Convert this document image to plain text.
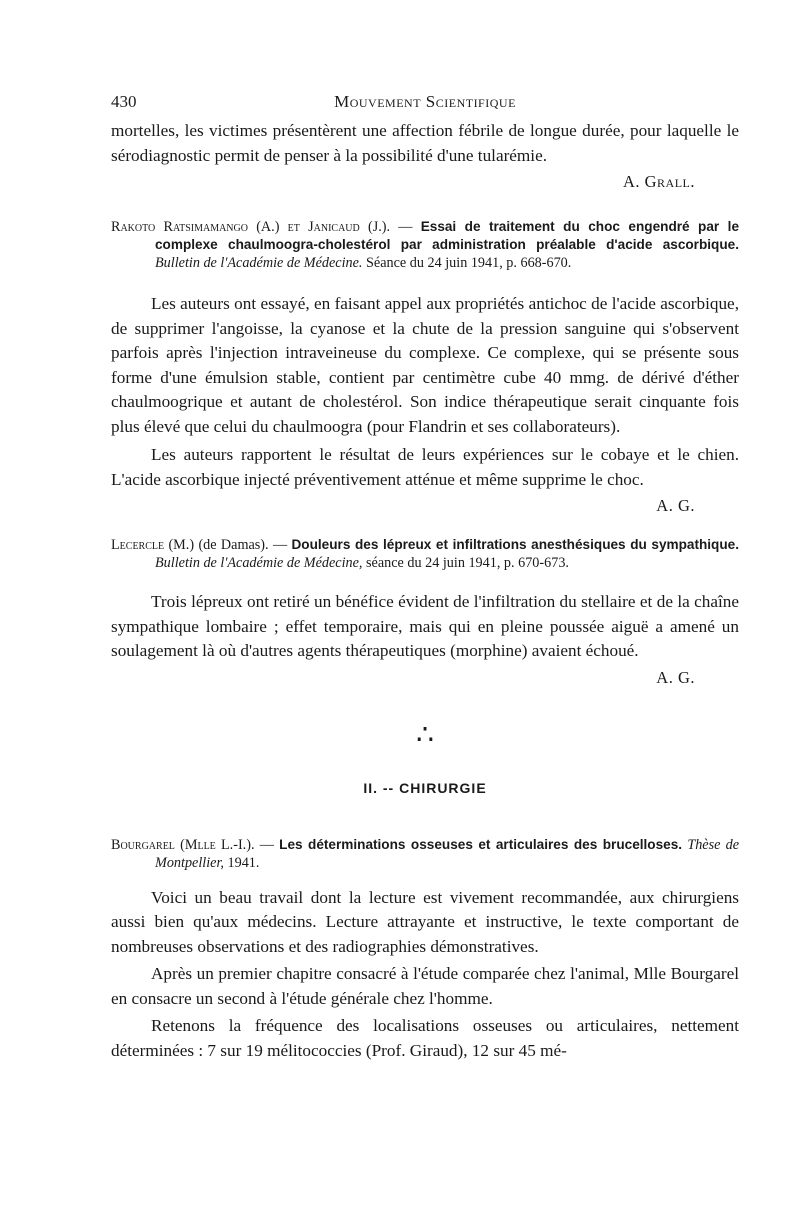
430	Mouvement Scientifique

mortelles, les victimes présentèrent une affection fébrile de longue durée, pour laquelle le sérodiagnostic permit de penser à la possibilité d'une tularémie.

A. Grall.

Rakoto Ratsimamango (A.) et Janicaud (J.). — Essai de traitement du choc engendré par le complexe chaulmoogra-cholestérol par administration préalable d'acide ascorbique. Bulletin de l'Académie de Médecine. Séance du 24 juin 1941, p. 668-670.

Les auteurs ont essayé, en faisant appel aux propriétés antichoc de l'acide ascorbique, de supprimer l'angoisse, la cyanose et la chute de la pression sanguine qui s'observent parfois après l'injection intraveineuse du complexe. Ce complexe, qui se présente sous forme d'une émulsion stable, contient par centimètre cube 40 mmg. de dérivé d'éther chaulmoogrique et autant de cholestérol. Son indice thérapeutique serait cinquante fois plus élevé que celui du chaulmoogra (pour Flandrin et ses collaborateurs).

Les auteurs rapportent le résultat de leurs expériences sur le cobaye et le chien. L'acide ascorbique injecté préventivement atténue et même supprime le choc.

A. G.

Lecercle (M.) (de Damas). — Douleurs des lépreux et infiltrations anesthésiques du sympathique. Bulletin de l'Académie de Médecine, séance du 24 juin 1941, p. 670-673.

Trois lépreux ont retiré un bénéfice évident de l'infiltration du stellaire et de la chaîne sympathique lombaire ; effet temporaire, mais qui en pleine poussée aiguë a amené un soulagement là où d'autres agents thérapeutiques (morphine) avaient échoué.

A. G.

∴
II. -- CHIRURGIE

Bourgarel (Mlle L.-I.). — Les déterminations osseuses et articulaires des brucelloses. Thèse de Montpellier, 1941.

Voici un beau travail dont la lecture est vivement recommandée, aux chirurgiens aussi bien qu'aux médecins. Lecture attrayante et instructive, le texte comportant de nombreuses observations et des radiographies démonstratives.

Après un premier chapitre consacré à l'étude comparée chez l'animal, Mlle Bourgarel en consacre un second à l'étude générale chez l'homme.

Retenons la fréquence des localisations osseuses ou articulaires, nettement déterminées : 7 sur 19 mélitococcies (Prof. Giraud), 12 sur 45 mé-
